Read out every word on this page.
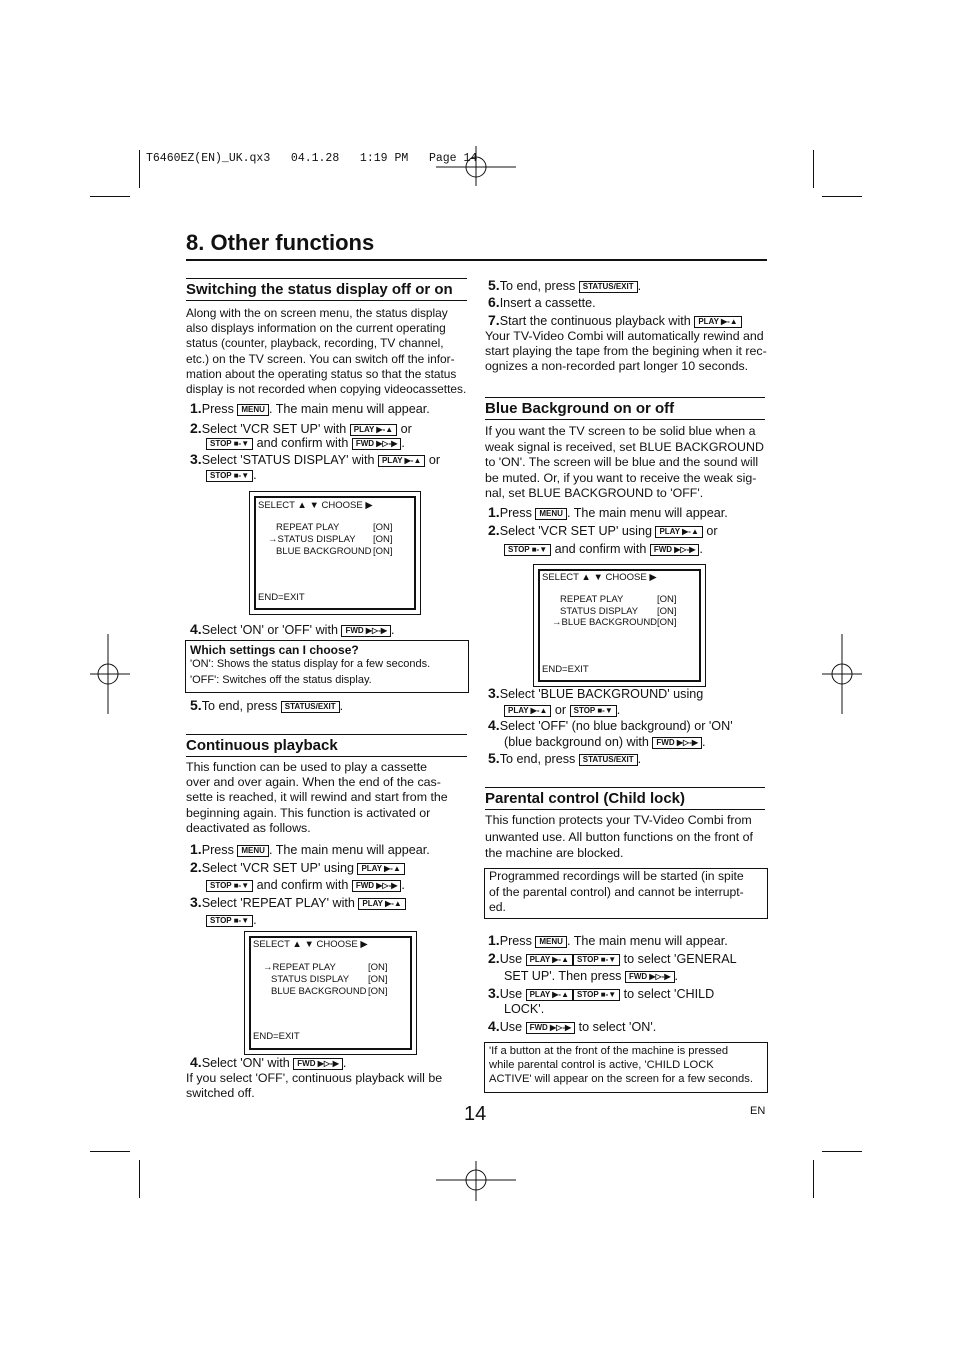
T6460EZ(EN)_UK.qx3   04.1.28   1:19 PM   Page 14
8. Other functions
Switching the status display off or on
Along with the on screen menu, the status display
also displays information on the current operating
status (counter, playback, recording, TV channel,
etc.) on the TV screen. You can switch off the infor-
mation about the operating status so that the status
display is not recorded when copying videocassettes.
1.Press MENU . The main menu will appear.
2.Select 'VCR SET UP' with PLAY ▶-▲ or
STOP ■-▼ and confirm with FWD ▶▷-▶ .
3.Select 'STATUS DISPLAY' with PLAY ▶-▲ or
STOP ■-▼ .
SELECT ▲ ▼ CHOOSE ▶
REPEAT PLAY	[ON]
→STATUS DISPLAY [ON]
BLUE BACKGROUND [ON]
END=EXIT
4.Select 'ON' or 'OFF' with FWD ▶▷-▶ .
Which settings can I choose?
'ON': Shows the status display for a few seconds.
'OFF': Switches off the status display.
5.To end, press STATUS/EXIT .
Continuous playback
This function can be used to play a cassette
over and over again. When the end of the cas-
sette is reached, it will rewind and start from the
beginning again. This function is activated or
deactivated as follows.
1.Press MENU . The main menu will appear.
2.Select 'VCR SET UP' using PLAY ▶-▲
STOP ■-▼ and confirm with FWD ▶▷-▶ .
3.Select 'REPEAT PLAY' with PLAY ▶-▲
STOP ■-▼ .
SELECT ▲ ▼ CHOOSE ▶
→REPEAT PLAY	[ON]
STATUS DISPLAY [ON]
BLUE BACKGROUND [ON]
END=EXIT
4.Select 'ON' with FWD ▶▷-▶ .
If you select 'OFF', continuous playback will be
switched off.
5.To end, press STATUS/EXIT .
6.Insert a cassette.
7.Start the continuous playback with PLAY ▶-▲
Your TV-Video Combi will automatically rewind and
start playing the tape from the begining when it rec-
ognizes a non-recorded part longer 10 seconds.
Blue Background on or off
If you want the TV screen to be solid blue when a
weak signal is received, set BLUE BACKGROUND
to 'ON'. The screen will be blue and the sound will
be muted. Or, if you want to receive the weak sig-
nal, set BLUE BACKGROUND to 'OFF'.
1.Press MENU . The main menu will appear.
2.Select 'VCR SET UP' using PLAY ▶-▲ or
STOP ■-▼ and confirm with FWD ▶▷-▶ .
SELECT ▲ ▼ CHOOSE ▶
REPEAT PLAY	[ON]
STATUS DISPLAY [ON]
→BLUE BACKGROUND [ON]
END=EXIT
3.Select 'BLUE BACKGROUND' using
PLAY ▶-▲ or STOP ■-▼ .
4.Select 'OFF' (no blue background) or 'ON'
(blue background on) with FWD ▶▷-▶ .
5.To end, press STATUS/EXIT .
Parental control (Child lock)
This function protects your TV-Video Combi from
unwanted use. All button functions on the front of
the machine are blocked.
Programmed recordings will be started (in spite
of the parental control) and cannot be interrupt-
ed.
1.Press MENU . The main menu will appear.
2.Use PLAY ▶-▲ STOP ■-▼ to select 'GENERAL
SET UP'. Then press FWD ▶▷-▶ .
3.Use PLAY ▶-▲ STOP ■-▼ to select 'CHILD
LOCK'.
4.Use FWD ▶▷-▶ to select 'ON'.
'If a button at the front of the machine is pressed
while parental control is active, 'CHILD LOCK
ACTIVE' will appear on the screen for a few seconds.
14	EN
